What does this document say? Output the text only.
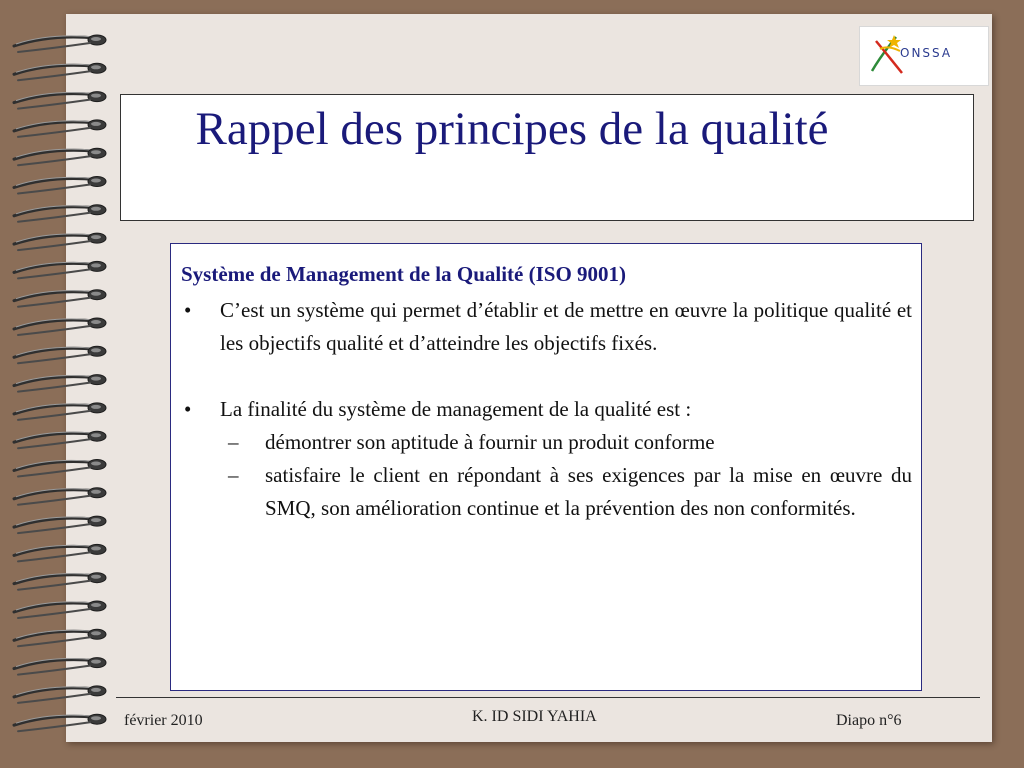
ONSSA
Rappel des principes de la qualité

Système de Management de la Qualité (ISO 9001)

• C’est un système qui permet d’établir et de mettre en œuvre la politique qualité et les objectifs qualité et d’atteindre les objectifs fixés.

• La finalité du système de management de la qualité est :

– démontrer son aptitude à fournir un produit conforme

– satisfaire le client en répondant à ses exigences par la mise en œuvre du SMQ, son amélioration continue et la prévention des non conformités.

février 2010	K. ID SIDI YAHIA	Diapo n°6
